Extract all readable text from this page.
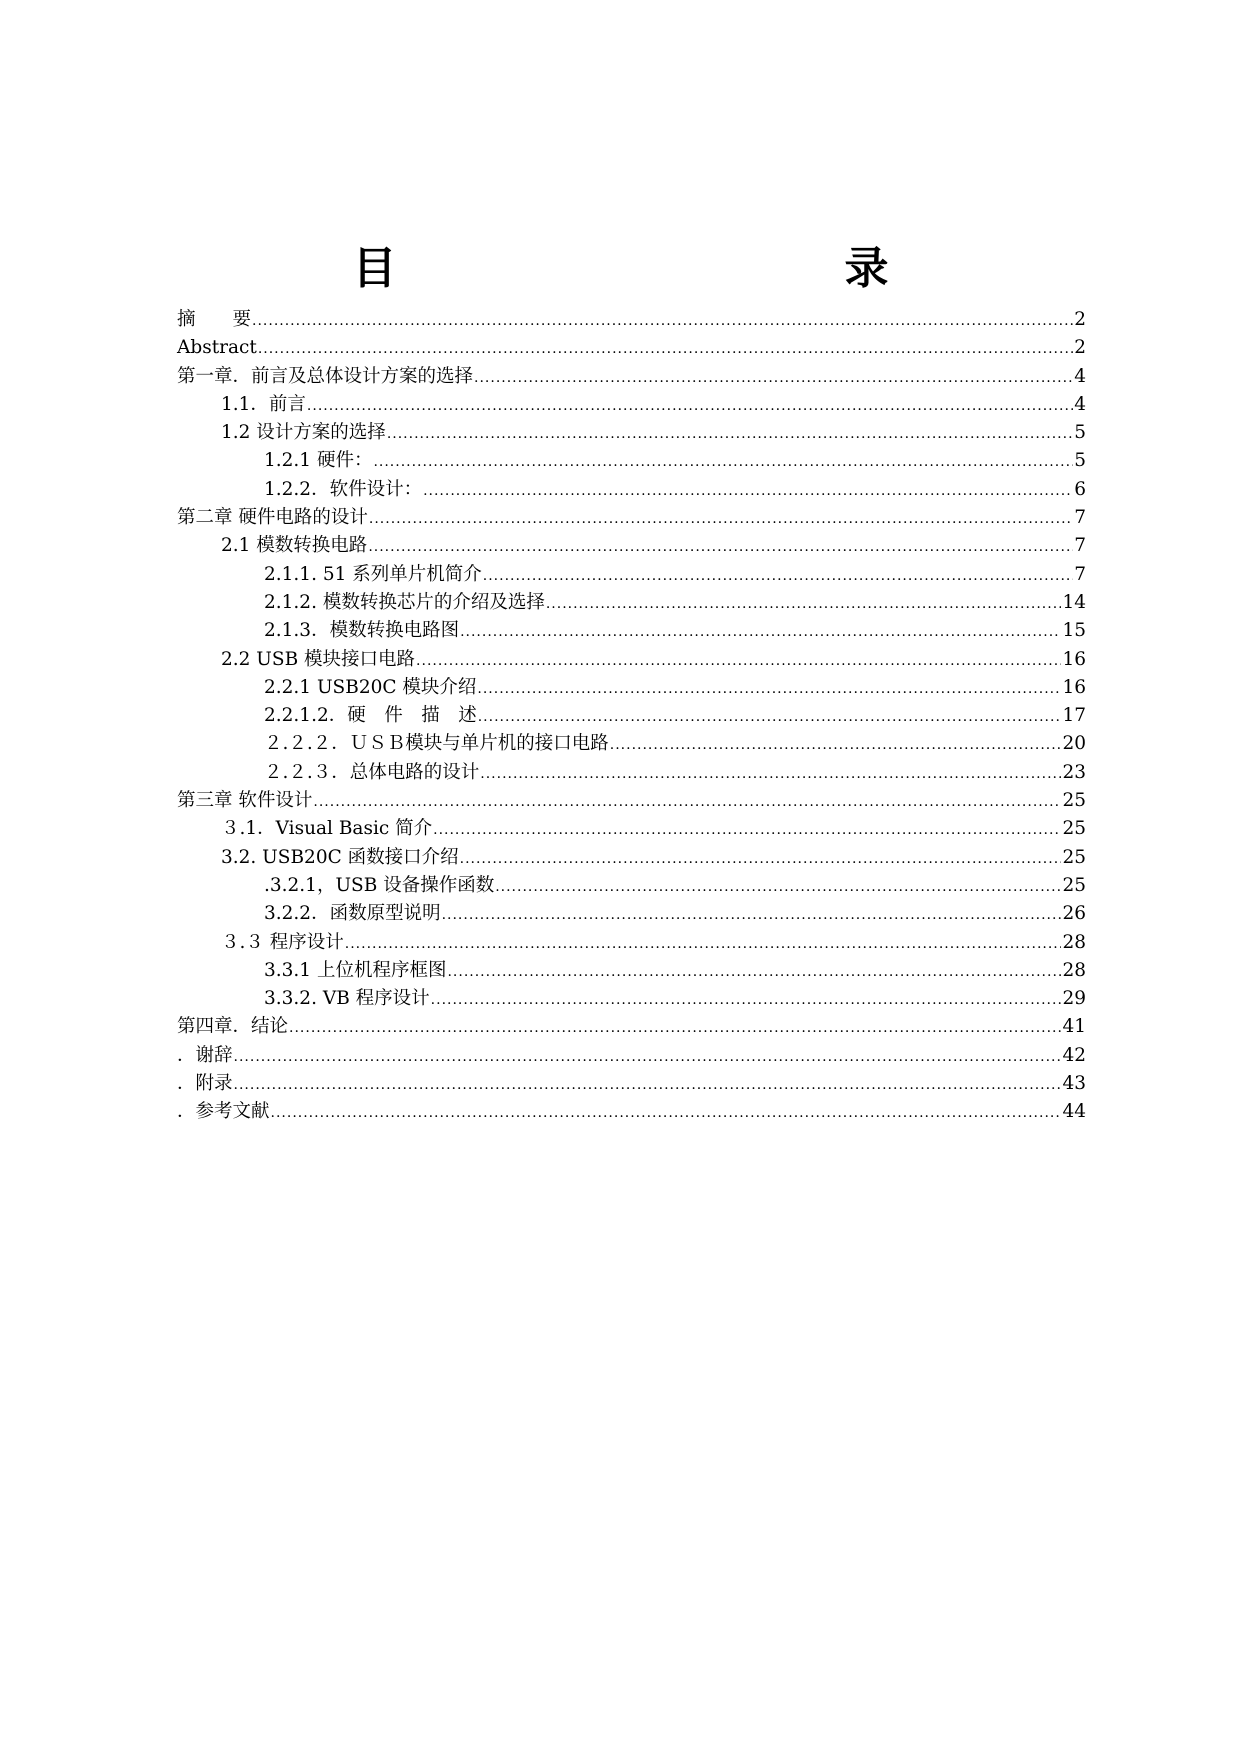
目　　录
摘　　要 .....	2
Abstract .....	2
第一章．前言及总体设计方案的选择 .....	4
1.1．前言 .....	4
1.2 设计方案的选择 .....	5
1.2.1 硬件： .....	5
1.2.2．软件设计： .....	6
第二章 硬件电路的设计 .....	7
2.1 模数转换电路 .....	7
2.1.1. 51 系列单片机简介 .....	7
2.1.2. 模数转换芯片的介绍及选择 .....	14
2.1.3．模数转换电路图 .....	15
2.2 USB 模块接口电路 .....	16
2.2.1 USB20C 模块介绍 .....	16
2.2.1.2．硬　件　描　述 .....	17
２.２.２．ＵＳＢ模块与单片机的接口电路 .....	20
２.２.３．总体电路的设计 .....	23
第三章 软件设计 .....	25
３.1．Visual Basic 简介 .....	25
3.2. USB20C 函数接口介绍 .....	25
.3.2.1，USB 设备操作函数 .....	25
3.2.2．函数原型说明 .....	26
３.３ 程序设计 .....	28
3.3.1 上位机程序框图 .....	28
3.3.2. VB 程序设计 .....	29
第四章．结论 .....	41
．谢辞 .....	42
．附录 .....	43
．参考文献 .....	44
